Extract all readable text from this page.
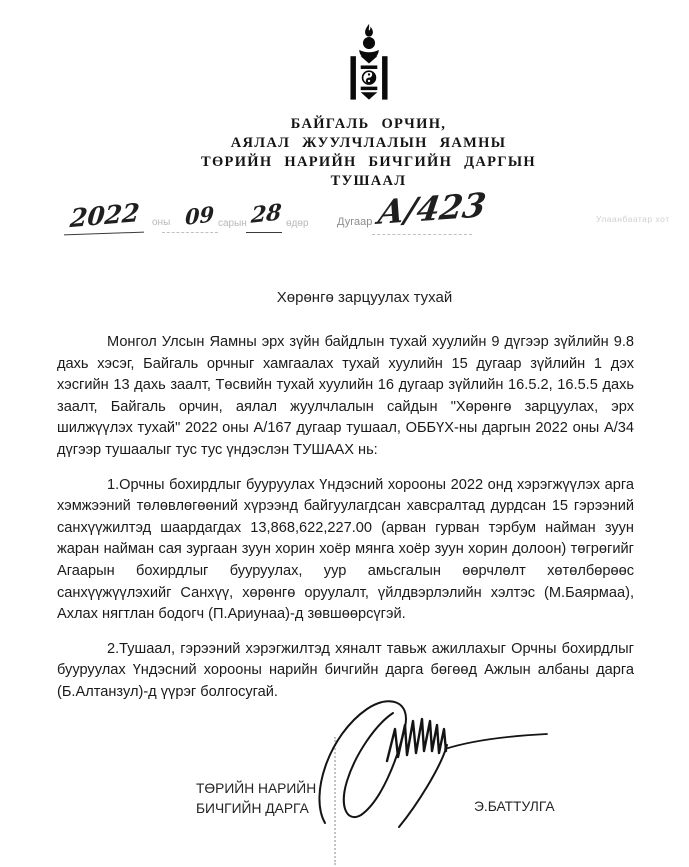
БАЙГАЛЬ ОРЧИН,
АЯЛАЛ ЖУУЛЧЛАЛЫН ЯАМНЫ
ТӨРИЙН НАРИЙН БИЧГИЙН ДАРГЫН
ТУШААЛ
2022 оны 09 сарын 28 өдөр	Дугаар А/423	Улаанбаатар хот
Хөрөнгө зарцуулах тухай

Монгол Улсын Яамны эрх зүйн байдлын тухай хуулийн 9 дүгээр зүйлийн 9.8 дахь хэсэг, Байгаль орчныг хамгаалах тухай хуулийн 15 дугаар зүйлийн 1 дэх хэсгийн 13 дахь заалт, Төсвийн тухай хуулийн 16 дугаар зүйлийн 16.5.2, 16.5.5 дахь заалт, Байгаль орчин, аялал жуулчлалын сайдын "Хөрөнгө зарцуулах, эрх шилжүүлэх тухай" 2022 оны А/167 дугаар тушаал, ОББҮХ-ны даргын 2022 оны А/34 дүгээр тушаалыг тус тус үндэслэн ТУШААХ нь:

1.Орчны бохирдлыг бууруулах Үндэсний хорооны 2022 онд хэрэгжүүлэх арга хэмжээний төлөвлөгөөний хүрээнд байгуулагдсан хавсралтад дурдсан 15 гэрээний санхүүжилтэд шаардагдах 13,868,622,227.00 (арван гурван тэрбум найман зуун жаран найман сая зургаан зуун хорин хоёр мянга хоёр зуун хорин долоон) төгрөгийг Агаарын бохирдлыг бууруулах, уур амьсгалын өөрчлөлт хөтөлбөрөөс санхүүжүүлэхийг Санхүү, хөрөнгө оруулалт, үйлдвэрлэлийн хэлтэс (М.Баярмаа), Ахлах нягтлан бодогч (П.Ариунаа)-д зөвшөөрсүгэй.

2.Тушаал, гэрээний хэрэгжилтэд хяналт тавьж ажиллахыг Орчны бохирдлыг бууруулах Үндэсний хорооны нарийн бичгийн дарга бөгөөд Ажлын албаны дарга (Б.Алтанзул)-д үүрэг болгосугай.

ТӨРИЙН НАРИЙН
БИЧГИЙН ДАРГА	Э.БАТТУЛГА
